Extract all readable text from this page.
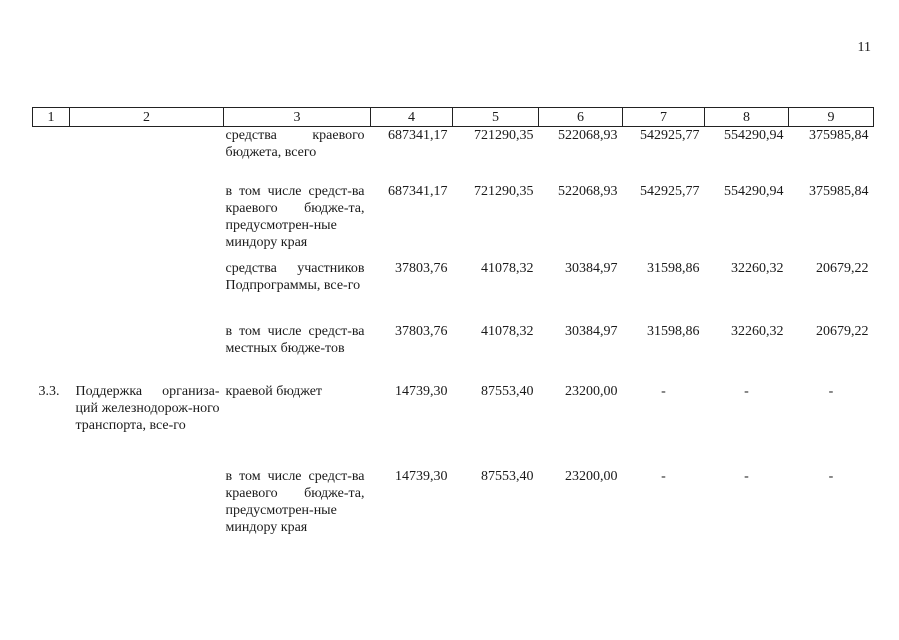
11
1	2	3	4	5	6	7	8	9
		средства краевого бюджета, всего	687341,17	721290,35	522068,93	542925,77	554290,94	375985,84
		в том числе средст-ва краевого бюдже-та, предусмотрен-ные миндору края	687341,17	721290,35	522068,93	542925,77	554290,94	375985,84
		средства участников Подпрограммы, все-го	37803,76	41078,32	30384,97	31598,86	32260,32	20679,22
		в том числе средст-ва местных бюдже-тов	37803,76	41078,32	30384,97	31598,86	32260,32	20679,22
3.3.	Поддержка организа-ций железнодорож-ного транспорта, все-го	краевой бюджет	14739,30	87553,40	23200,00	-	-	-
		в том числе средст-ва краевого бюдже-та, предусмотрен-ные миндору края	14739,30	87553,40	23200,00	-	-	-
